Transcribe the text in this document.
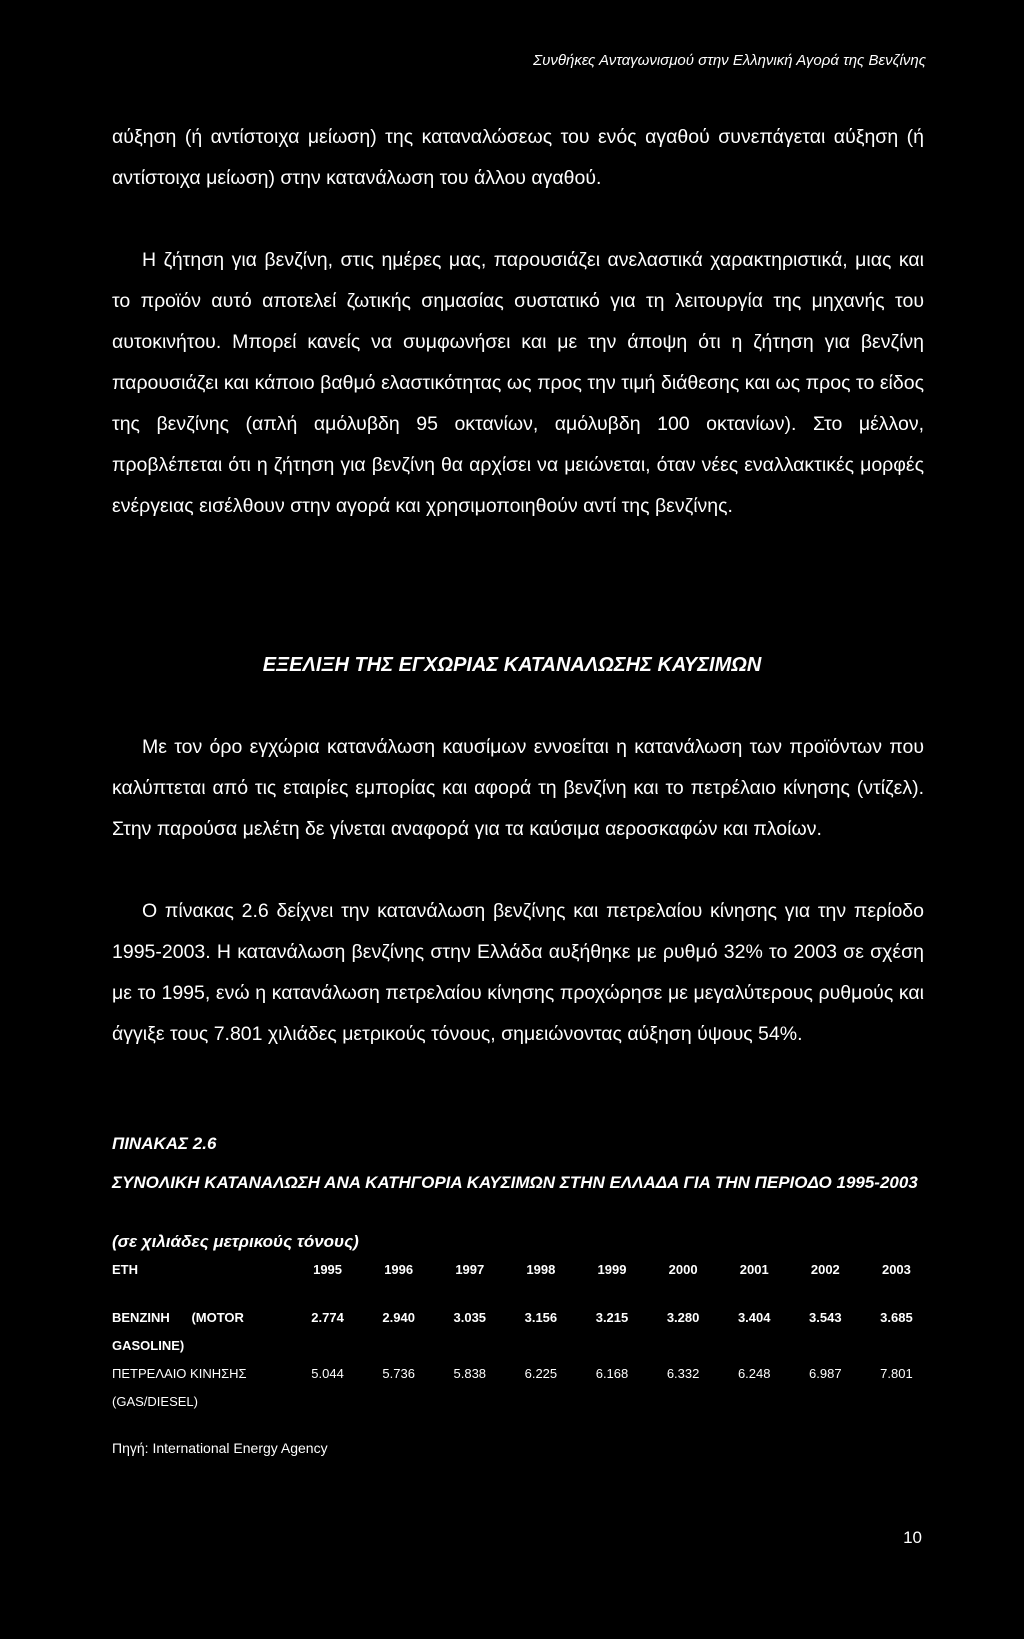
Συνθήκες Ανταγωνισμού στην Ελληνική Αγορά της Βενζίνης

αύξηση (ή αντίστοιχα μείωση) της καταναλώσεως του ενός αγαθού συνεπάγεται αύξηση (ή αντίστοιχα μείωση) στην κατανάλωση του άλλου αγαθού.

Η ζήτηση για βενζίνη, στις ημέρες μας, παρουσιάζει ανελαστικά χαρακτηριστικά, μιας και το προϊόν αυτό αποτελεί ζωτικής σημασίας συστατικό για τη λειτουργία της μηχανής του αυτοκινήτου. Μπορεί κανείς να συμφωνήσει και με την άποψη ότι η ζήτηση για βενζίνη παρουσιάζει και κάποιο βαθμό ελαστικότητας ως προς την τιμή διάθεσης και ως προς το είδος της βενζίνης (απλή αμόλυβδη 95 οκτανίων, αμόλυβδη 100 οκτανίων). Στο μέλλον, προβλέπεται ότι η ζήτηση για βενζίνη θα αρχίσει να μειώνεται, όταν νέες εναλλακτικές μορφές ενέργειας εισέλθουν στην αγορά και χρησιμοποιηθούν αντί της βενζίνης.

ΕΞΕΛΙΞΗ ΤΗΣ ΕΓΧΩΡΙΑΣ ΚΑΤΑΝΑΛΩΣΗΣ ΚΑΥΣΙΜΩΝ

Με τον όρο εγχώρια κατανάλωση καυσίμων εννοείται η κατανάλωση των προϊόντων που καλύπτεται από τις εταιρίες εμπορίας και αφορά τη βενζίνη και το πετρέλαιο κίνησης (ντίζελ). Στην παρούσα μελέτη δε γίνεται αναφορά για τα καύσιμα αεροσκαφών και πλοίων.

Ο πίνακας 2.6 δείχνει την κατανάλωση βενζίνης και πετρελαίου κίνησης για την περίοδο 1995-2003. Η κατανάλωση βενζίνης στην Ελλάδα αυξήθηκε με ρυθμό 32% το 2003 σε σχέση με το 1995, ενώ η κατανάλωση πετρελαίου κίνησης προχώρησε με μεγαλύτερους ρυθμούς και άγγιξε τους 7.801 χιλιάδες μετρικούς τόνους, σημειώνοντας αύξηση ύψους 54%.

ΠΙΝΑΚΑΣ 2.6

ΣΥΝΟΛΙΚΗ ΚΑΤΑΝΑΛΩΣΗ ΑΝΑ ΚΑΤΗΓΟΡΙΑ ΚΑΥΣΙΜΩΝ ΣΤΗΝ ΕΛΛΑΔΑ ΓΙΑ ΤΗΝ ΠΕΡΙΟΔΟ 1995-2003

(σε χιλιάδες μετρικούς τόνους)

ΕΤΗ	1995	1996	1997	1998	1999	2000	2001	2002	2003

ΒΕΝΖΙΝΗ      (MOTOR
GASOLINE)	2.774	2.940	3.035	3.156	3.215	3.280	3.404	3.543	3.685

ΠΕΤΡΕΛΑΙΟ ΚΙΝΗΣΗΣ
(GAS/DIESEL)	5.044	5.736	5.838	6.225	6.168	6.332	6.248	6.987	7.801
Πηγή: International Energy Agency
10
